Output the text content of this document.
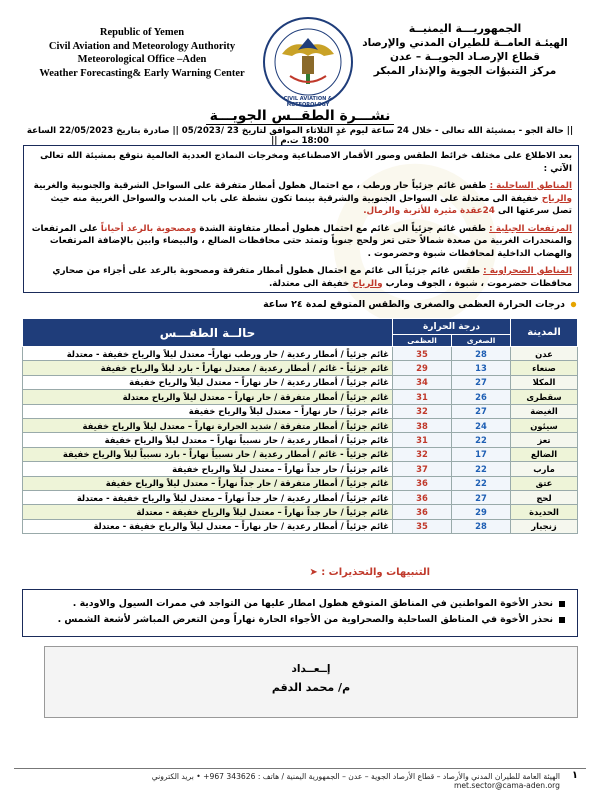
Republic of Yemen
Civil Aviation and Meteorology Authority
Meteorological Office –Aden
Weather Forecasting& Early Warning Center
CIVIL AVIATION & METEOROLOGY
الجمهوريـــة اليمنيــة
الهيئـة العامــة للطيران المدني والإرصاد
قطاع الإرصـاد الجويــة – عدن
مركز التنبؤات الجوية والإنذار المبكر
نشـــرة الطقــس الجويـــة
|| حالة الجو - بمشيئة الله تعالى - خلال 24 ساعة ليوم غدٍ الثلاثاء الموافق لتاريخ 23 /05/2023 || صادرة بتاريخ 22/05/2023 الساعة 18:00 ت.م ||

بعد الاطلاع على مختلف خرائط الطقس وصور الأقمار الاصطناعية ومخرجات النماذج العددية العالمية نتوقع بمشيئة الله تعالى الآتي :

المناطق الساحلية : طقس غائم جزئياً حار ورطب ، مع احتمال هطول أمطار متفرقة على السواحل الشرقية والجنوبية والغربية والرياح خفيفة الى معتدلة على السواحل الجنوبية والشرقية بينما تكون نشطة على باب المندب والسواحل الغربية منه حيث تصل سرعتها الى 24عقدة مثيرة للأتربة والرمال.

المرتفعات الجبلية : طقس غائم جزئياً الى غائم مع احتمال هطول أمطار متفاوتة الشدة ومصحوبة بالرعد أحياناً على المرتفعات والمنحدرات الغربية من صعدة شمالاً حتى تعز ولحج جنوباً وتمتد حتى محافظات الضالع ، والبيضاء وابين بالإضافة المرتفعات والهضاب الداخلية لمحافظات شبوة وحضرموت .

المناطق الصحراوية : طقس غائم جزئياً الى غائم مع احتمال هطول أمطار متفرقة ومصحوبة بالرعد على أجزاء من صحاري محافظات حضرموت ، شبوة ، الجوف ومارب والرياح خفيفة الى معتدلة.

درجات الحرارة العظمى والصغرى والطقس المتوقع لمدة ٢٤ ساعة
المدينة	درجة الحرارة		حالــة الطقـــس
	الصغرى	العظمى	
عدن	28	35	غائم جزئياً / أمطار رعدية / حار ورطب نهاراً– معتدل ليلاً والرياح خفيفة - معتدلة
صنعاء	13	29	غائم جزئياً - غائم / أمطار رعدية / معتدل نهاراً - بارد ليلاً والرياح خفيفة
المكلا	27	34	غائم جزئياً / أمطار رعدية / حار نهاراً – معتدل ليلاً والرياح خفيفة
سقطرى	26	31	غائم جزئياً / أمطار متفرقة / حار نهاراً – معتدل ليلاً والرياح معتدلة
الغيضة	27	32	غائم جزئياً / حار نهاراً – معتدل ليلاً والرياح خفيفة
سيئون	24	38	غائم جزئياً / أمطار متفرقة / شديد الحرارة نهاراً – معتدل ليلاً والرياح خفيفة
تعز	22	31	غائم جزئياً / أمطار رعدية / حار نسبياً نهاراً – معتدل ليلاً والرياح خفيفة
الضالع	17	32	غائم جزئياً - غائم / أمطار رعدية / حار نسبياً نهاراً - بارد نسبياً ليلاً والرياح خفيفة
مارب	22	37	غائم جزئياً / حار جداً نهاراً – معتدل ليلاً والرياح خفيفة
عتق	22	36	غائم جزئياً / أمطار متفرقة / حار جداً نهاراً – معتدل ليلاً والرياح خفيفة
لحج	27	36	غائم جزئياً / أمطار رعدية / حار جداً نهاراً – معتدل ليلاً والرياح خفيفة - معتدلة
الحديدة	29	36	غائم جزئياً / حار جداً نهاراً – معتدل ليلاً والرياح خفيفة - معتدلة
زنجبار	28	35	غائم جزئياً / أمطار رعدية / حار نهاراً – معتدل ليلاً والرياح خفيفة - معتدلة
التنبيهات والتحذيرات : ➤
نحذر الأخوة المواطنين في المناطق المتوقع هطول امطار عليها من التواجد في ممرات السيول والاودية .
نحذر الأخوة في المناطق الساحلية والصحراوية من الأجواء الحارة نهاراً ومن التعرض المباشر لأشعة الشمس .
إــعــداد
م/ محمد الدقم
الهيئة العامة للطيران المدني والأرصاد – قطاع الأرصاد الجوية – عدن – الجمهورية اليمنية / هاتف : 343626 967+ • بريد الكتروني met.sector@cama-aden.org
١
